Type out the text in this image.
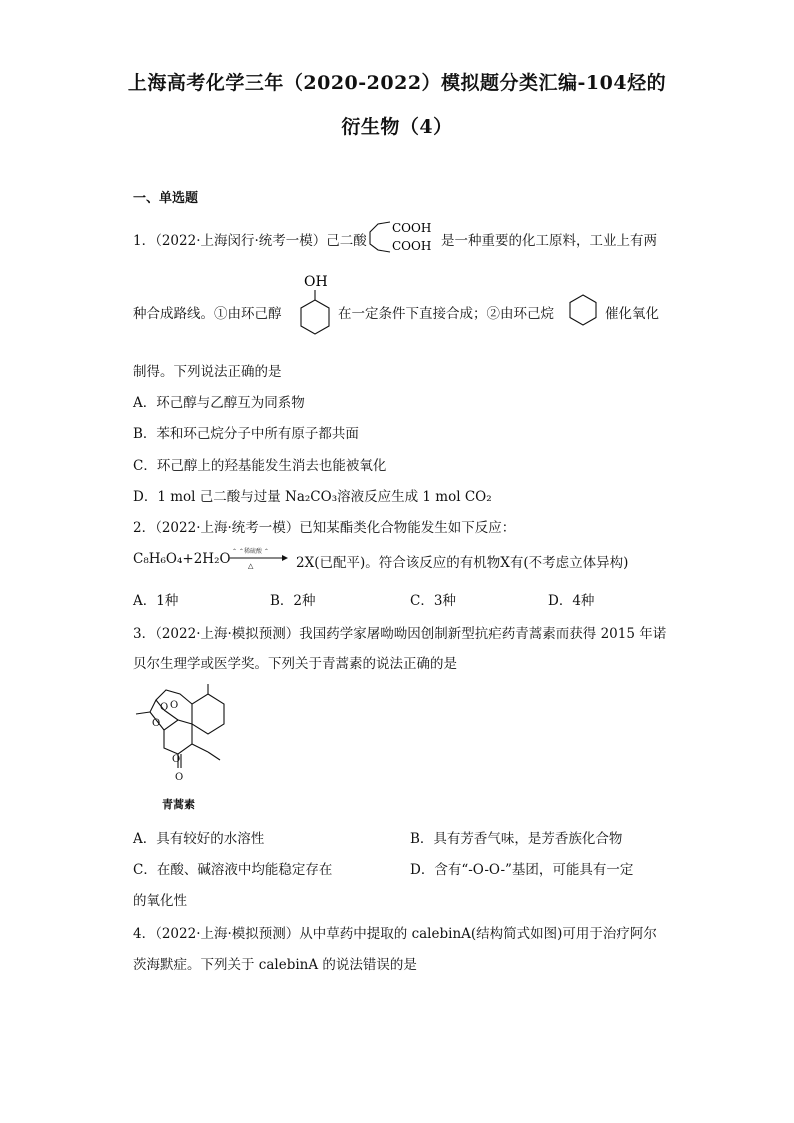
上海高考化学三年（2020-2022）模拟题分类汇编-104烃的
衍生物（4）
一、单选题
1．（2022·上海闵行·统考一模）己二酸
COOH
COOH 是一种重要的化工原料，工业上有两
种合成路线。①由环己醇
OH
在一定条件下直接合成；②由环己烷	催化氧化
制得。下列说法正确的是
A．环己醇与乙醇互为同系物
B．苯和环己烷分子中所有原子都共面
C．环己醇上的羟基能发生消去也能被氧化
D．1 mol 己二酸与过量 Na₂CO₃溶液反应生成 1 mol CO₂
2．（2022·上海·统考一模）已知某酯类化合物能发生如下反应：
C₈H₆O₄+2H₂O ⌃ ⌃稀硫酸 ⌃
△	2X(已配平)。符合该反应的有机物X有(不考虑立体异构)
A．1种	B．2种	C．3种	D．4种
3．（2022·上海·模拟预测）我国药学家屠呦呦因创制新型抗疟药青蒿素而获得 2015 年诺
贝尔生理学或医学奖。下列关于青蒿素的说法正确的是
O O
O
O
O
青蒿素
A．具有较好的水溶性	B．具有芳香气味，是芳香族化合物
C．在酸、碱溶液中均能稳定存在	D．含有“-O-O-”基团，可能具有一定
的氧化性
4．（2022·上海·模拟预测）从中草药中提取的 calebinA(结构简式如图)可用于治疗阿尔
茨海默症。下列关于 calebinA 的说法错误的是
